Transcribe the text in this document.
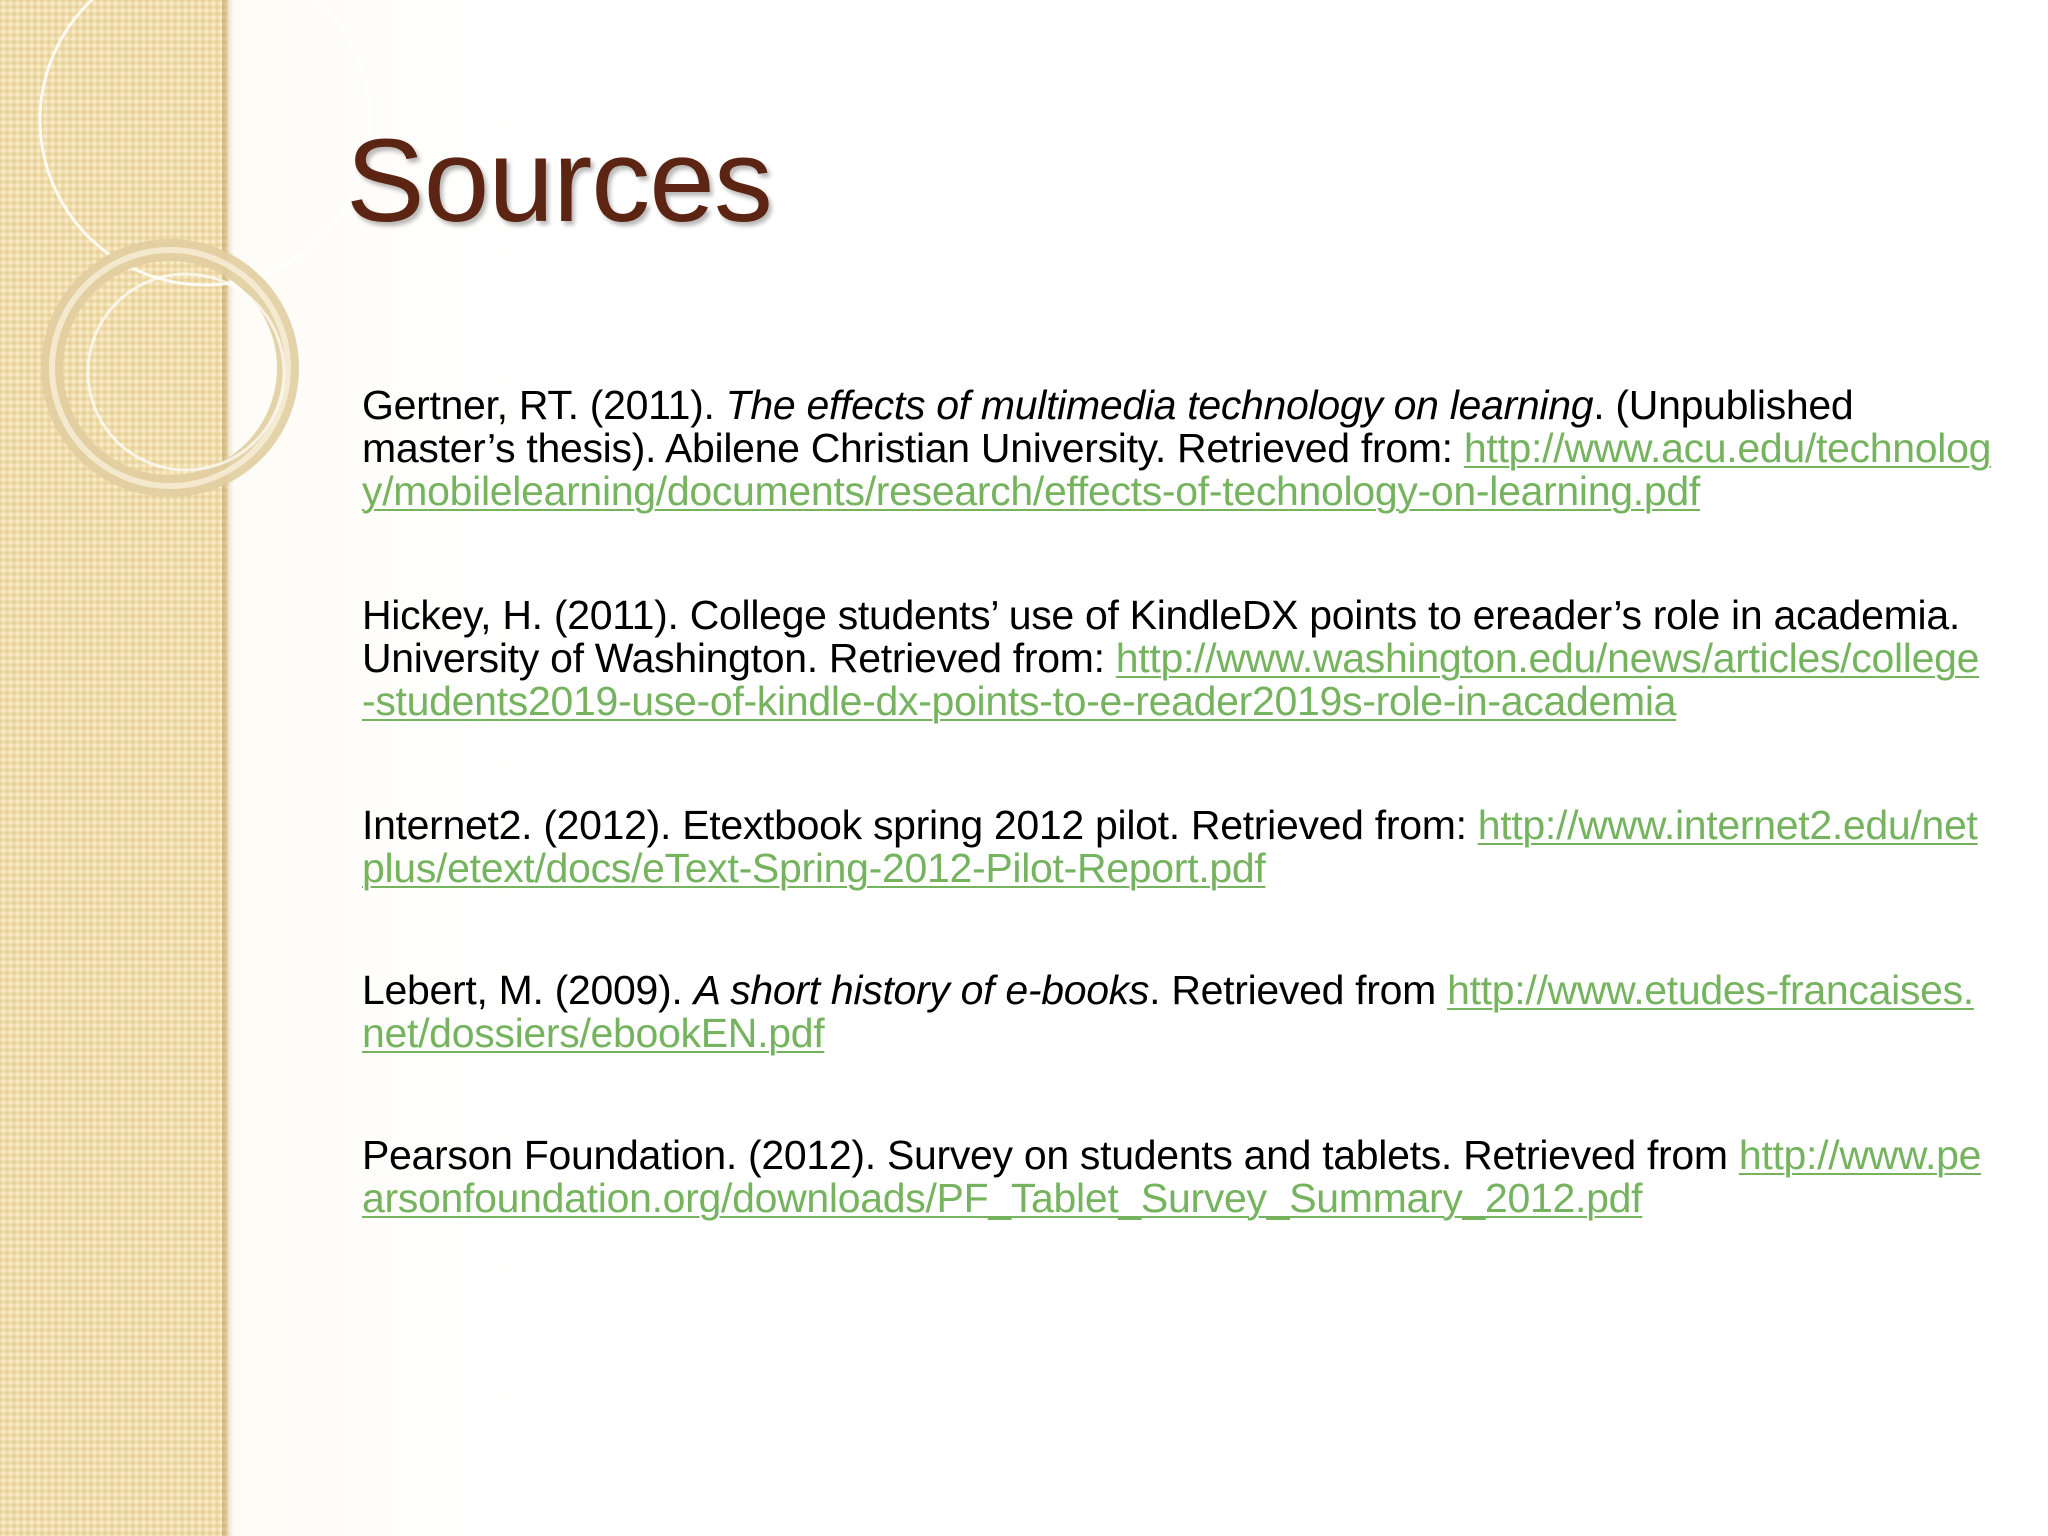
Sources
Gertner, RT. (2011). The effects of multimedia technology on learning. (Unpublished master’s thesis). Abilene Christian University. Retrieved from: http://www.acu.edu/technology/mobilelearning/documents/research/effects-of-technology-on-learning.pdf
Hickey, H. (2011). College students’ use of KindleDX points to ereader’s role in academia. University of Washington. Retrieved from: http://www.washington.edu/news/articles/college-students2019-use-of-kindle-dx-points-to-e-reader2019s-role-in-academia
Internet2. (2012). Etextbook spring 2012 pilot. Retrieved from: http://www.internet2.edu/netplus/etext/docs/eText-Spring-2012-Pilot-Report.pdf
Lebert, M. (2009). A short history of e-books. Retrieved from http://www.etudes-francaises.net/dossiers/ebookEN.pdf
Pearson Foundation. (2012). Survey on students and tablets. Retrieved from http://www.pearsonfoundation.org/downloads/PF_Tablet_Survey_Summary_2012.pdf
